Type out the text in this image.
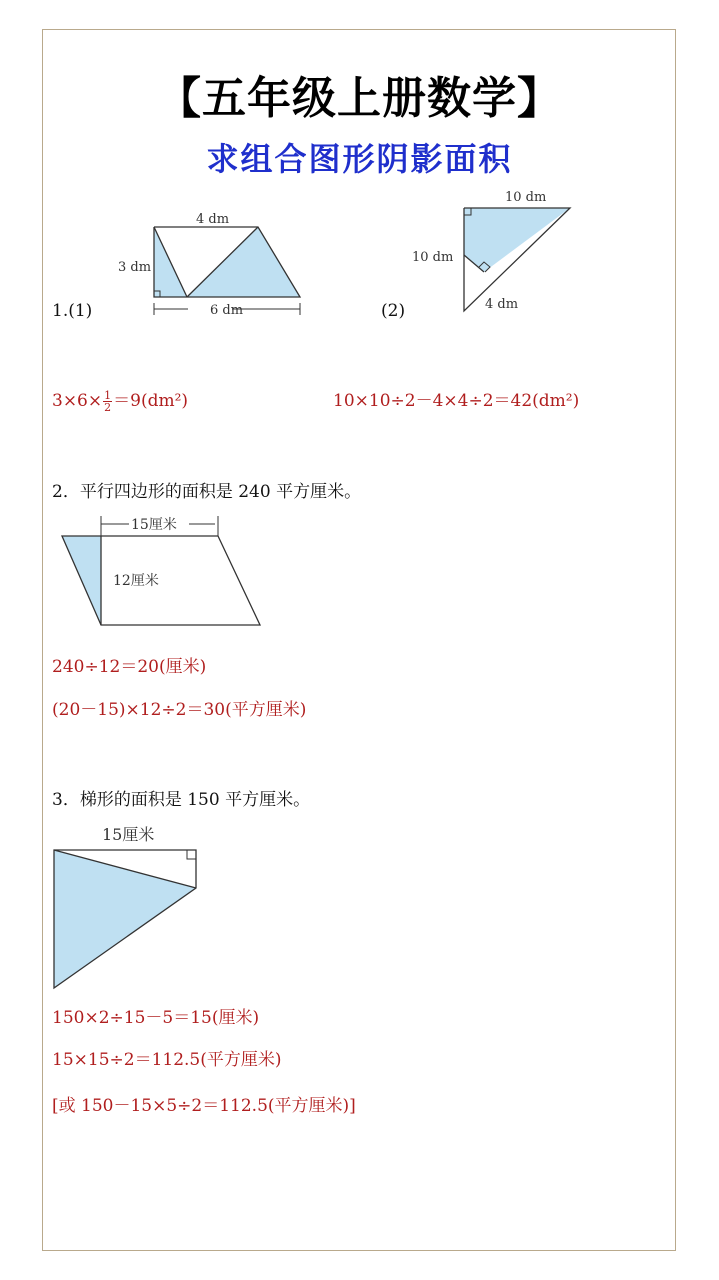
【五年级上册数学】
求组合图形阴影面积
4 dm
3 dm
6 dm
10 dm
10 dm
4 dm
1.(1)	(2)
$3\times 6\times \frac{1}{2} =9(dm^2)$	10×10÷2－4×4÷2＝42(dm²)
2．平行四边形的面积是 240 平方厘米。
15厘米
12厘米
240÷12＝20(厘米)
(20－15)×12÷2＝30(平方厘米)
3．梯形的面积是 150 平方厘米。
15厘米
150×2÷15－5＝15(厘米)
15×15÷2＝112.5(平方厘米)
[或 150－15×5÷2＝112.5(平方厘米)]
